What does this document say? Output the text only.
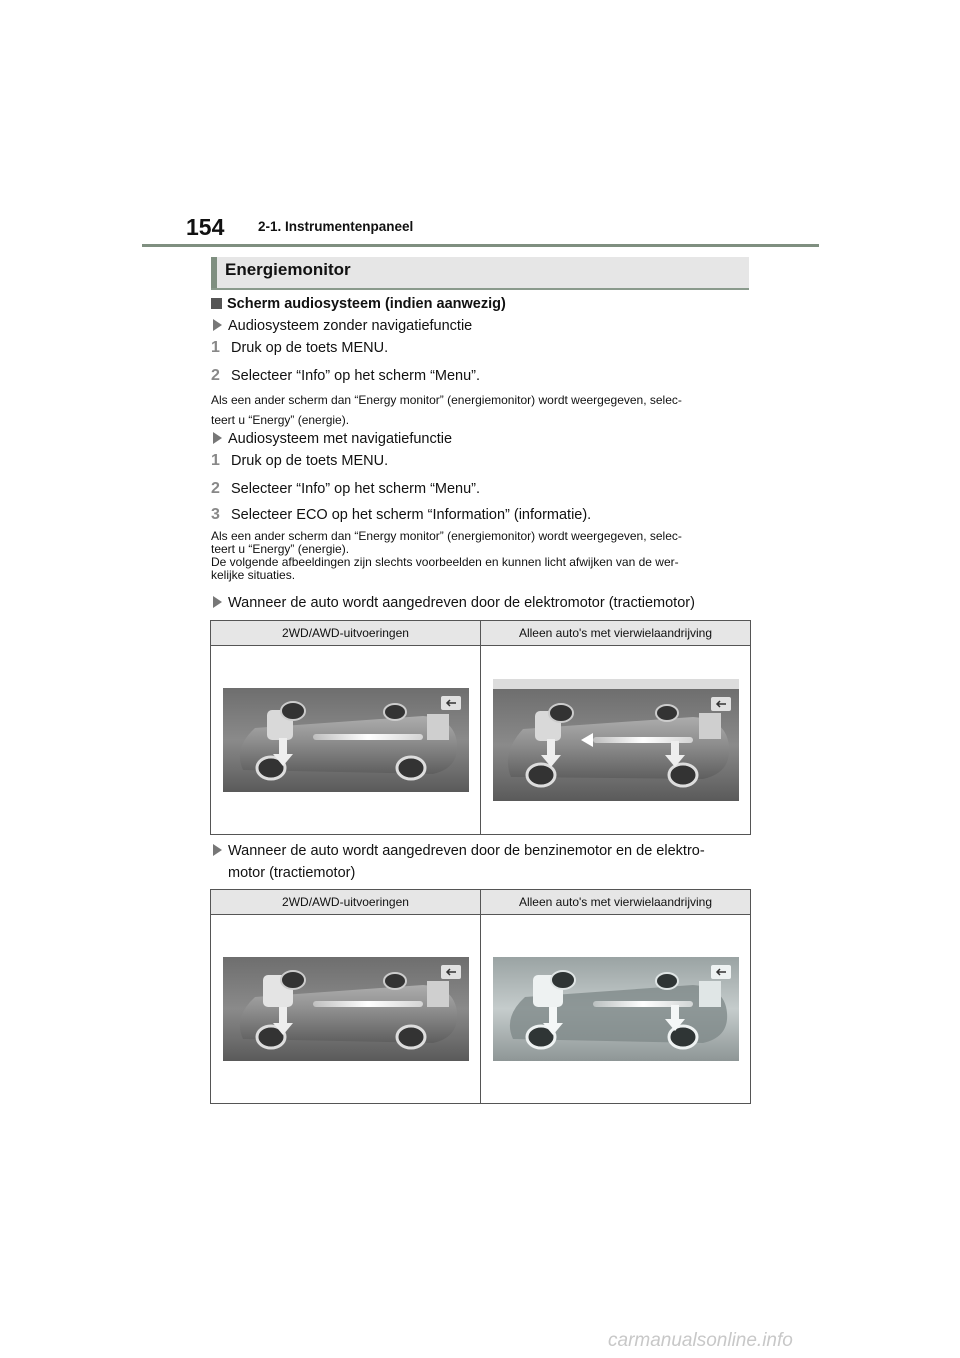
154 2-1. Instrumentenpaneel
Energiemonitor
Scherm audiosysteem (indien aanwezig)
Audiosysteem zonder navigatiefunctie
1 Druk op de toets MENU.
2 Selecteer “Info” op het scherm “Menu”.
Als een ander scherm dan “Energy monitor” (energiemonitor) wordt weergegeven, selec-
teert u “Energy” (energie).
Audiosysteem met navigatiefunctie
1 Druk op de toets MENU.
2 Selecteer “Info” op het scherm “Menu”.
3 Selecteer ECO op het scherm “Information” (informatie).
Als een ander scherm dan “Energy monitor” (energiemonitor) wordt weergegeven, selec-
teert u “Energy” (energie).
De volgende afbeeldingen zijn slechts voorbeelden en kunnen licht afwijken van de wer-
kelijke situaties.
Wanneer de auto wordt aangedreven door de elektromotor (tractiemotor)
2WD/AWD-uitvoeringen	Alleen auto's met vierwielaandrijving

Wanneer de auto wordt aangedreven door de benzinemotor en de elektro-
motor (tractiemotor)
2WD/AWD-uitvoeringen	Alleen auto's met vierwielaandrijving

carmanualsonline.info
